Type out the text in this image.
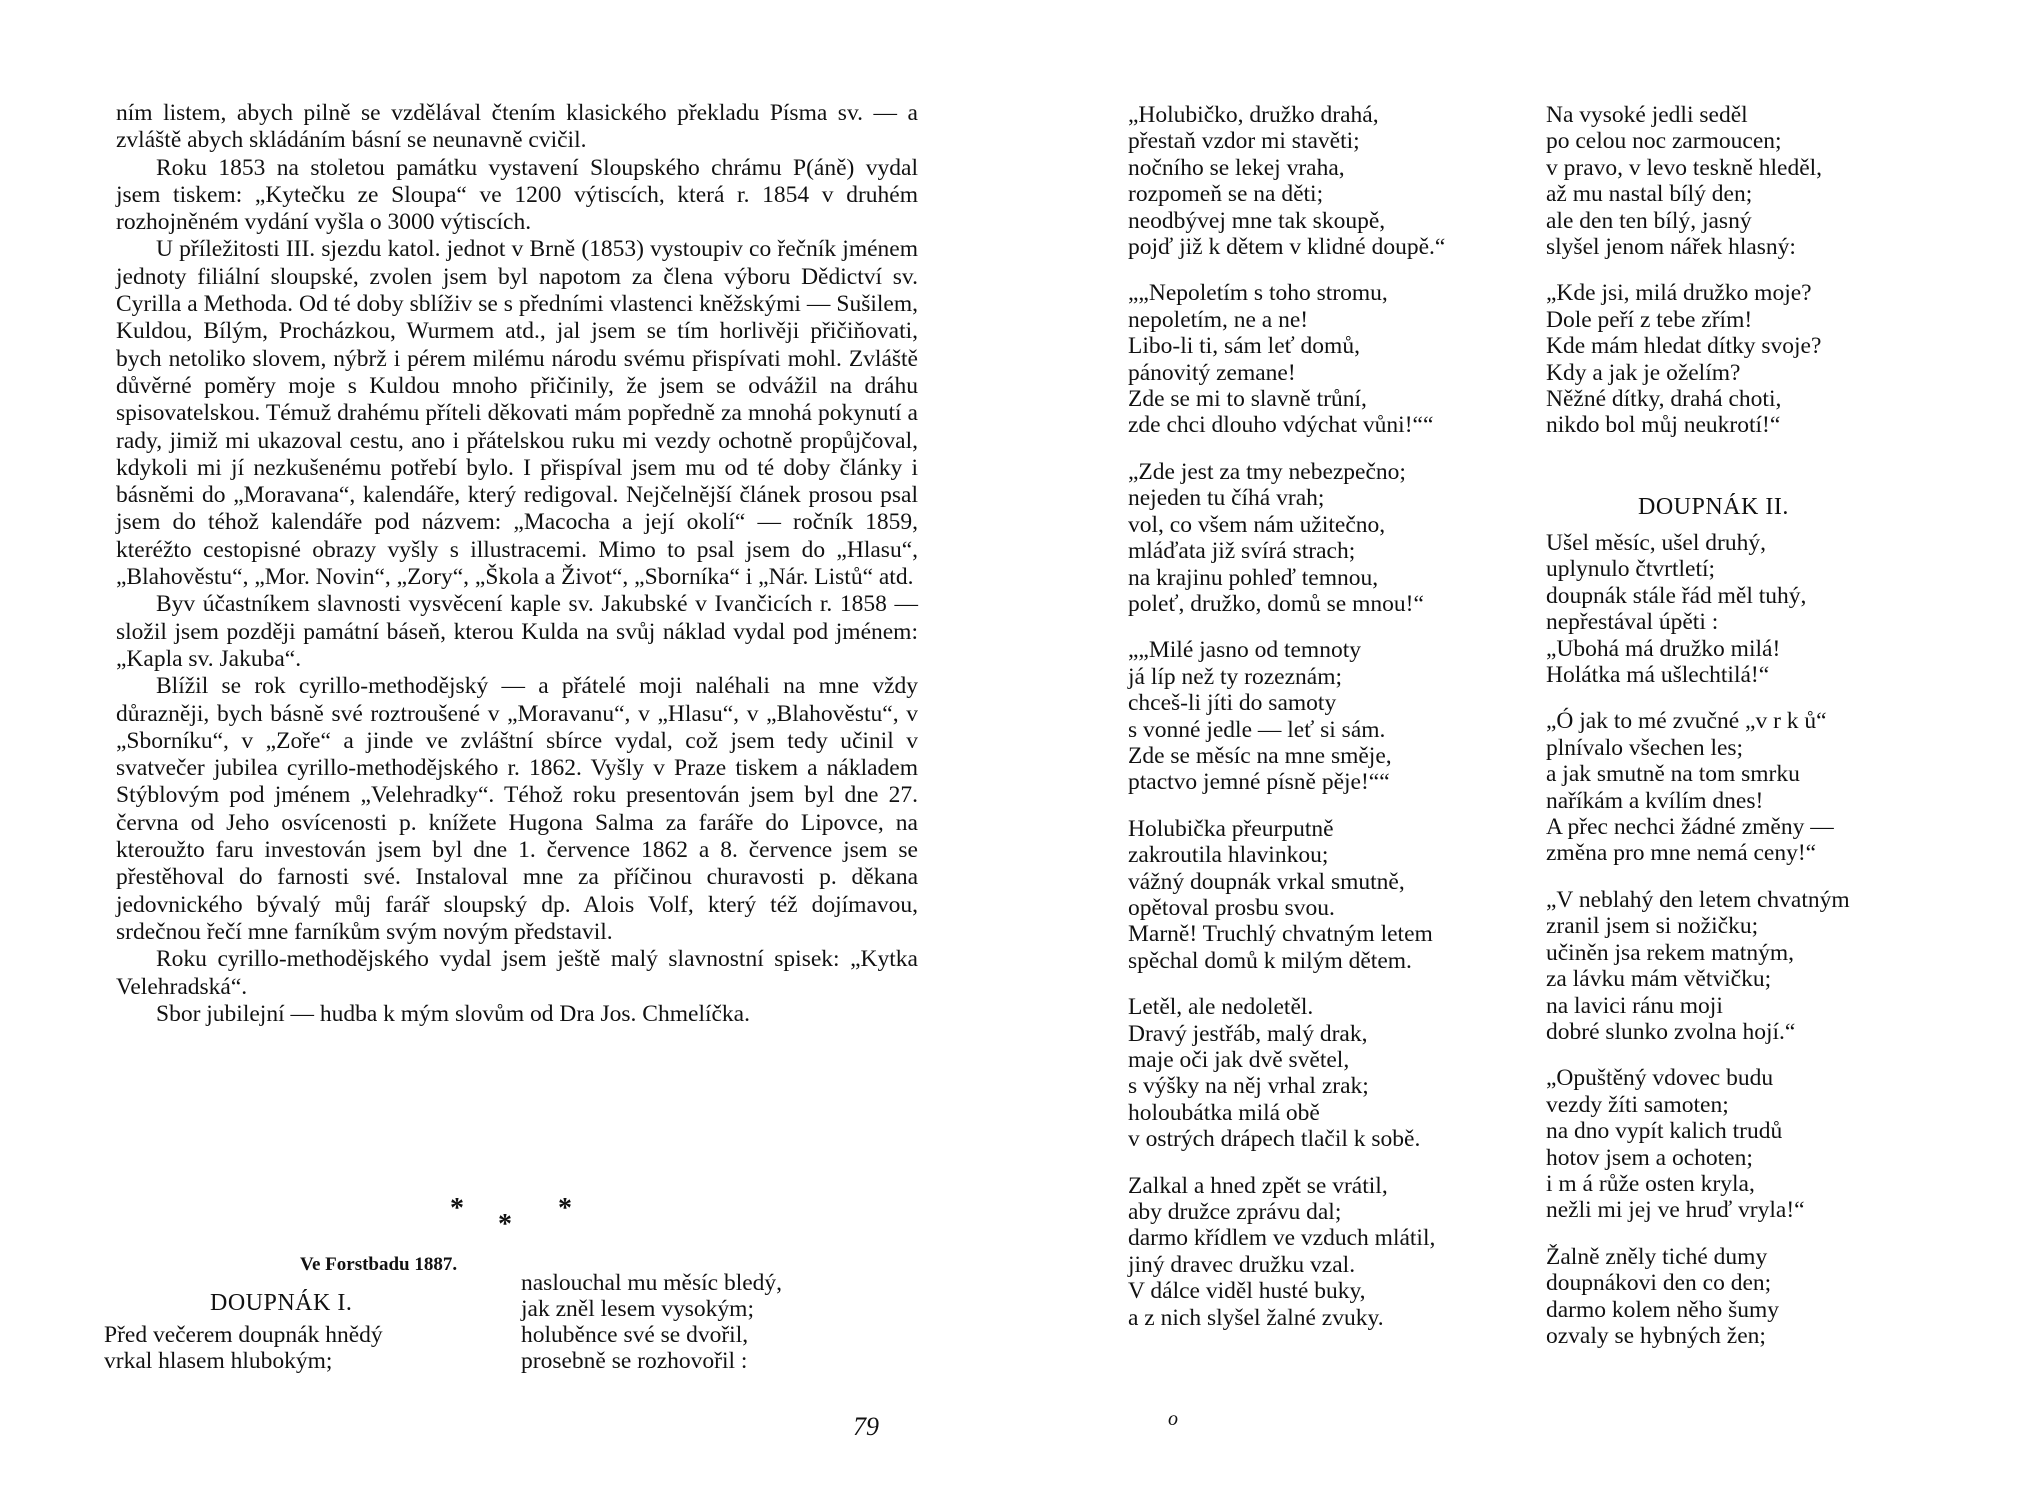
ním listem, abych pilně se vzdělával čtením klasického překladu Písma sv. — a zvláště abych skládáním básní se neunavně cvičil.

Roku 1853 na stoletou památku vystavení Sloupského chrámu P(áně) vydal jsem tiskem: „Kytečku ze Sloupa“ ve 1200 výtiscích, která r. 1854 v druhém rozhojněném vydání vyšla o 3000 výtiscích.

U příležitosti III. sjezdu katol. jednot v Brně (1853) vystoupiv co řečník jménem jednoty filiální sloupské, zvolen jsem byl napotom za člena výboru Dědictví sv. Cyrilla a Methoda. Od té doby sblíživ se s předními vlastenci kněžskými — Sušilem, Kuldou, Bílým, Procházkou, Wurmem atd., jal jsem se tím horlivěji přičiňovati, bych netoliko slovem, nýbrž i pérem milému národu svému přispívati mohl. Zvláště důvěrné poměry moje s Kuldou mnoho přičinily, že jsem se odvážil na dráhu spisovatelskou. Témuž drahému příteli děkovati mám popředně za mnohá pokynutí a rady, jimiž mi ukazoval cestu, ano i přátelskou ruku mi vezdy ochotně propůjčoval, kdykoli mi jí nezkušenému potřebí bylo. I přispíval jsem mu od té doby články i básněmi do „Moravana“, kalendáře, který redigoval. Nejčelnější článek prosou psal jsem do téhož kalendáře pod názvem: „Macocha a její okolí“ — ročník 1859, kteréžto cestopisné obrazy vyšly s illustracemi. Mimo to psal jsem do „Hlasu“, „Blahověstu“, „Mor. Novin“, „Zory“, „Škola a Život“, „Sborníka“ i „Nár. Listů“ atd.

Byv účastníkem slavnosti vysvěcení kaple sv. Jakubské v Ivančicích r. 1858 — složil jsem později památní báseň, kterou Kulda na svůj náklad vydal pod jménem: „Kapla sv. Jakuba“.

Blížil se rok cyrillo-methodějský — a přátelé moji naléhali na mne vždy důrazněji, bych básně své roztroušené v „Moravanu“, v „Hlasu“, v „Blahověstu“, v „Sborníku“, v „Zoře“ a jinde ve zvláštní sbírce vydal, což jsem tedy učinil v svatvečer jubilea cyrillo-methodějského r. 1862. Vyšly v Praze tiskem a nákladem Stýblovým pod jménem „Velehradky“. Téhož roku presentován jsem byl dne 27. června od Jeho osvícenosti p. knížete Hugona Salma za faráře do Lipovce, na kteroužto faru investován jsem byl dne 1. července 1862 a 8. července jsem se přestěhoval do farnosti své. Instaloval mne za příčinou churavosti p. děkana jedovnického bývalý můj farář sloupský dp. Alois Volf, který též dojímavou, srdečnou řečí mne farníkům svým novým představil.

Roku cyrillo-methodějského vydal jsem ještě malý slavnostní spisek: „Kytka Velehradská“.

Sbor jubilejní — hudba k mým slovům od Dra Jos. Chmelíčka.

*
*
*
Ve Forstbadu 1887.
DOUPNÁK I.
Před večerem doupnák hnědý
vrkal hlasem hlubokým;
naslouchal mu měsíc bledý,
jak zněl lesem vysokým;
holuběnce své se dvořil,
prosebně se rozhovořil :
79
„Holubičko, družko drahá,
přestaň vzdor mi stavěti;
nočního se lekej vraha,
rozpomeň se na děti;
neodbývej mne tak skoupě,
pojď již k dětem v klidné doupě.“
„„Nepoletím s toho stromu,
nepoletím, ne a ne!
Libo-li ti, sám leť domů,
pánovitý zemane!
Zde se mi to slavně trůní,
zde chci dlouho vdýchat vůni!““
„Zde jest za tmy nebezpečno;
nejeden tu číhá vrah;
vol, co všem nám užitečno,
mláďata již svírá strach;
na krajinu pohleď temnou,
poleť, družko, domů se mnou!“
„„Milé jasno od temnoty
já líp než ty rozeznám;
chceš-li jíti do samoty
s vonné jedle — leť si sám.
Zde se měsíc na mne směje,
ptactvo jemné písně pěje!““
Holubička přeurputně
zakroutila hlavinkou;
vážný doupnák vrkal smutně,
opětoval prosbu svou.
Marně! Truchlý chvatným letem
spěchal domů k milým dětem.
Letěl, ale nedoletěl.
Dravý jestřáb, malý drak,
maje oči jak dvě světel,
s výšky na něj vrhal zrak;
holoubátka milá obě
v ostrých drápech tlačil k sobě.
Zalkal a hned zpět se vrátil,
aby družce zprávu dal;
darmo křídlem ve vzduch mlátil,
jiný dravec družku vzal.
V dálce viděl husté buky,
a z nich slyšel žalné zvuky.
Na vysoké jedli seděl
po celou noc zarmoucen;
v pravo, v levo teskně hleděl,
až mu nastal bílý den;
ale den ten bílý, jasný
slyšel jenom nářek hlasný:
„Kde jsi, milá družko moje?
Dole peří z tebe zřím!
Kde mám hledat dítky svoje?
Kdy a jak je oželím?
Něžné dítky, drahá choti,
nikdo bol můj neukrotí!“
DOUPNÁK II.
Ušel měsíc, ušel druhý,
uplynulo čtvrtletí;
doupnák stále řád měl tuhý,
nepřestával úpěti :
„Ubohá má družko milá!
Holátka má ušlechtilá!“
„Ó jak to mé zvučné „v r k ů“
plnívalo všechen les;
a jak smutně na tom smrku
naříkám a kvílím dnes!
A přec nechci žádné změny —
změna pro mne nemá ceny!“
„V neblahý den letem chvatným
zranil jsem si nožičku;
učiněn jsa rekem matným,
za lávku mám větvičku;
na lavici ránu moji
dobré slunko zvolna hojí.“
„Opuštěný vdovec budu
vezdy žíti samoten;
na dno vypít kalich trudů
hotov jsem a ochoten;
i m á růže osten kryla,
nežli mi jej ve hruď vryla!“
Žalně zněly tiché dumy
doupnákovi den co den;
darmo kolem něho šumy
ozvaly se hybných žen;
o
